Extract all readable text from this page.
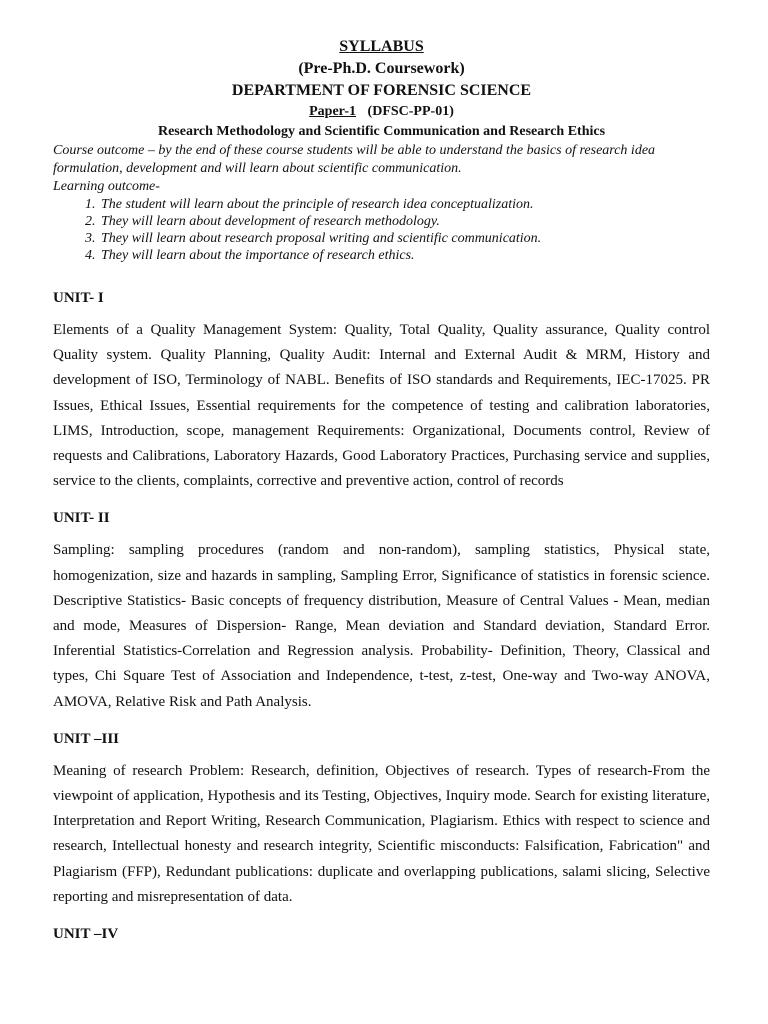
SYLLABUS
(Pre-Ph.D. Coursework)
DEPARTMENT OF FORENSIC SCIENCE
Paper-1 (DFSC-PP-01)
Research Methodology and Scientific Communication and Research Ethics

Course outcome – by the end of these course students will be able to understand the basics of research idea formulation, development and will learn about scientific communication.

Learning outcome-

1. The student will learn about the principle of research idea conceptualization.
2. They will learn about development of research methodology.
3. They will learn about research proposal writing and scientific communication.
4. They will learn about the importance of research ethics.
UNIT- I

Elements of a Quality Management System: Quality, Total Quality, Quality assurance, Quality control Quality system. Quality Planning, Quality Audit: Internal and External Audit & MRM, History and development of ISO, Terminology of NABL. Benefits of ISO standards and Requirements, IEC-17025. PR Issues, Ethical Issues, Essential requirements for the competence of testing and calibration laboratories, LIMS, Introduction, scope, management Requirements: Organizational, Documents control, Review of requests and Calibrations, Laboratory Hazards, Good Laboratory Practices, Purchasing service and supplies, service to the clients, complaints, corrective and preventive action, control of records

UNIT- II

Sampling: sampling procedures (random and non-random), sampling statistics, Physical state, homogenization, size and hazards in sampling, Sampling Error, Significance of statistics in forensic science. Descriptive Statistics- Basic concepts of frequency distribution, Measure of Central Values - Mean, median and mode, Measures of Dispersion- Range, Mean deviation and Standard deviation, Standard Error. Inferential Statistics-Correlation and Regression analysis. Probability- Definition, Theory, Classical and types, Chi Square Test of Association and Independence, t-test, z-test, One-way and Two-way ANOVA, AMOVA, Relative Risk and Path Analysis.

UNIT –III

Meaning of research Problem: Research, definition, Objectives of research. Types of research-From the viewpoint of application, Hypothesis and its Testing, Objectives, Inquiry mode. Search for existing literature, Interpretation and Report Writing, Research Communication, Plagiarism. Ethics with respect to science and research, Intellectual honesty and research integrity, Scientific misconducts: Falsification, Fabrication" and Plagiarism (FFP), Redundant publications: duplicate and overlapping publications, salami slicing, Selective reporting and misrepresentation of data.

UNIT –IV
